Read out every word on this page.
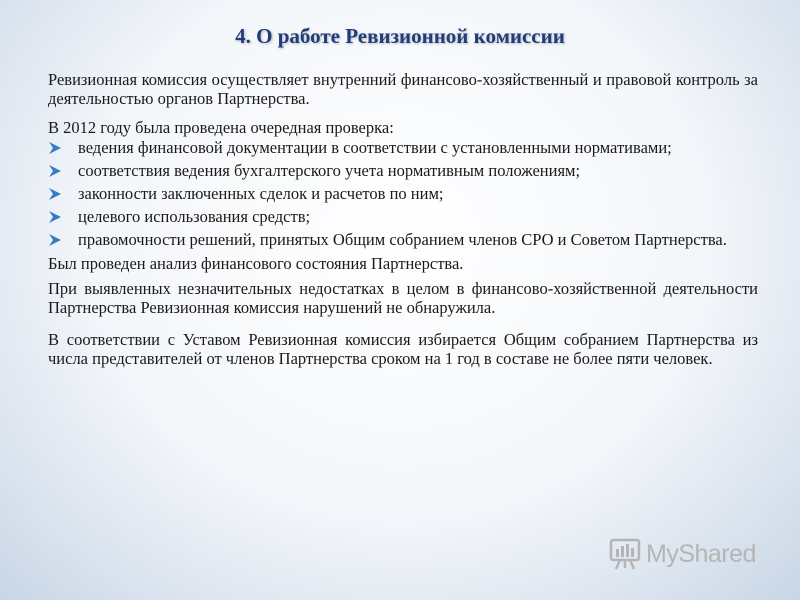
4. О работе Ревизионной комиссии

Ревизионная комиссия осуществляет внутренний финансово-хозяйственный и правовой контроль за деятельностью органов Партнерства.

В 2012 году была проведена очередная проверка:

ведения финансовой документации в соответствии с установленными нормативами;
соответствия ведения бухгалтерского учета нормативным положениям;
законности заключенных сделок и расчетов по ним;
целевого использования средств;
правомочности решений, принятых Общим собранием членов СРО и Советом Партнерства.

Был проведен анализ финансового состояния Партнерства.

При выявленных незначительных недостатках в целом в финансово-хозяйственной деятельности Партнерства Ревизионная комиссия нарушений не обнаружила.

В соответствии с Уставом Ревизионная комиссия избирается Общим собранием Партнерства из числа представителей от членов Партнерства сроком на 1 год в составе не более пяти человек.

MyShared
